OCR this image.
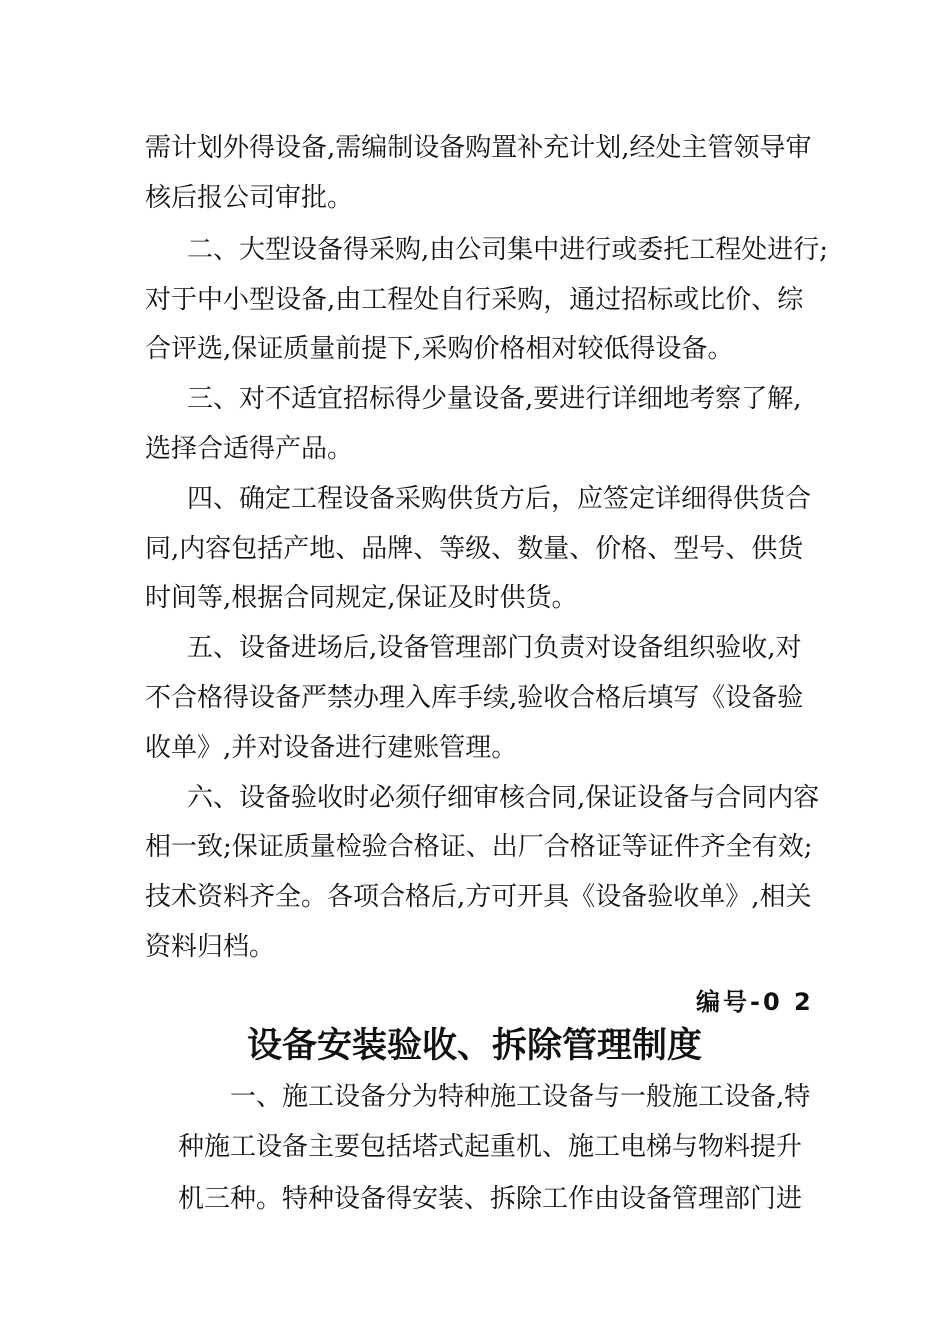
需计划外得设备,需编制设备购置补充计划,经处主管领导审
核后报公司审批。
二、大型设备得采购,由公司集中进行或委托工程处进行;
对于中小型设备,由工程处自行采购，通过招标或比价、综
合评选,保证质量前提下,采购价格相对较低得设备。
三、对不适宜招标得少量设备,要进行详细地考察了解,
选择合适得产品。
四、确定工程设备采购供货方后，应签定详细得供货合
同,内容包括产地、品牌、等级、数量、价格、型号、供货
时间等,根据合同规定,保证及时供货。
五、设备进场后,设备管理部门负责对设备组织验收,对
不合格得设备严禁办理入库手续,验收合格后填写《设备验
收单》,并对设备进行建账管理。
六、设备验收时必须仔细审核合同,保证设备与合同内容
相一致;保证质量检验合格证、出厂合格证等证件齐全有效;
技术资料齐全。各项合格后,方可开具《设备验收单》,相关
资料归档。
编号-0 2
设备安装验收、拆除管理制度
一、施工设备分为特种施工设备与一般施工设备,特
种施工设备主要包括塔式起重机、施工电梯与物料提升
机三种。特种设备得安装、拆除工作由设备管理部门进
